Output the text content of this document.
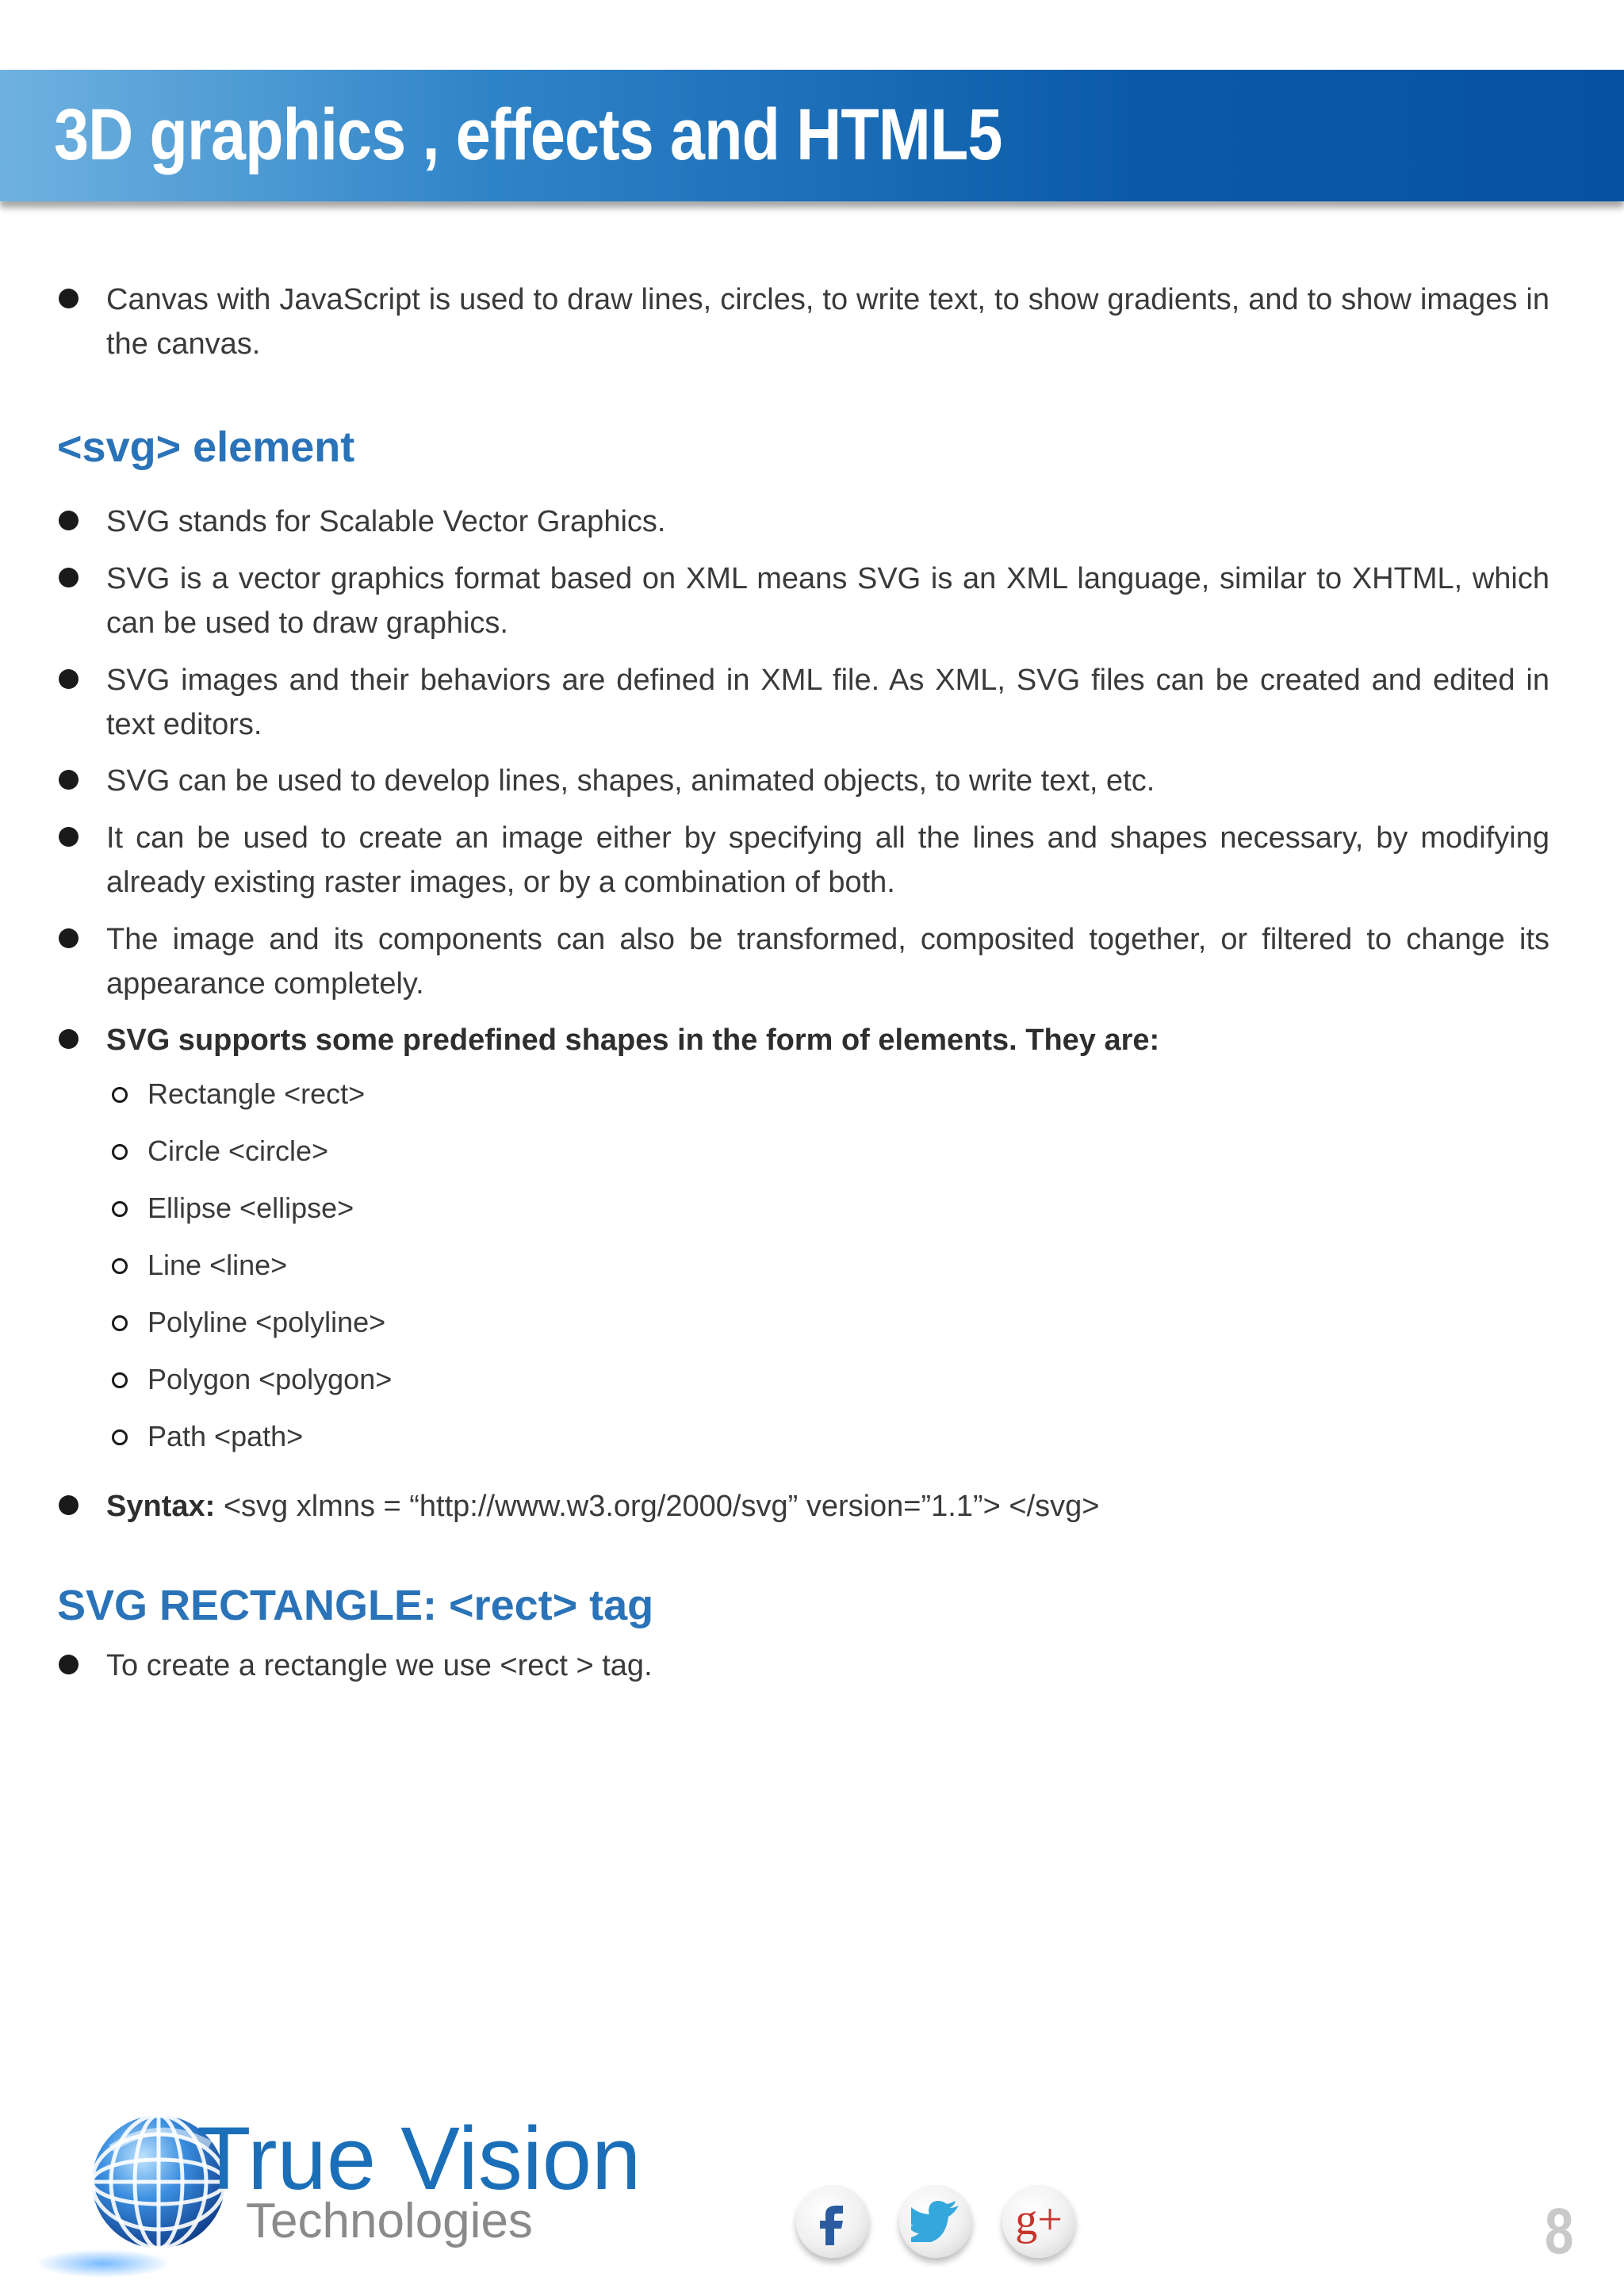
3D graphics , effects and HTML5
Canvas with JavaScript is used to draw lines, circles, to write text, to show gradients, and to show images in the canvas.
<svg> element
SVG stands for Scalable Vector Graphics.
SVG is a vector graphics format based on XML means SVG is an XML language, similar to XHTML, which can be used to draw graphics.
SVG images and their behaviors are defined in XML file. As XML, SVG files can be created and edited in text editors.
SVG can be used to develop lines, shapes, animated objects, to write text, etc.
It can be used to create an image either by specifying all the lines and shapes necessary, by modifying already existing raster images, or by a combination of both.
The image and its components can also be transformed, composited together, or filtered to change its appearance completely.
SVG supports some predefined shapes in the form of elements. They are:
Rectangle <rect>
Circle <circle>
Ellipse <ellipse>
Line <line>
Polyline <polyline>
Polygon <polygon>
Path <path>
Syntax: <svg xlmns = “http://www.w3.org/2000/svg” version=”1.1”> </svg>
SVG RECTANGLE: <rect> tag
To create a rectangle we use <rect > tag.
True Vision
Technologies	g+	8
